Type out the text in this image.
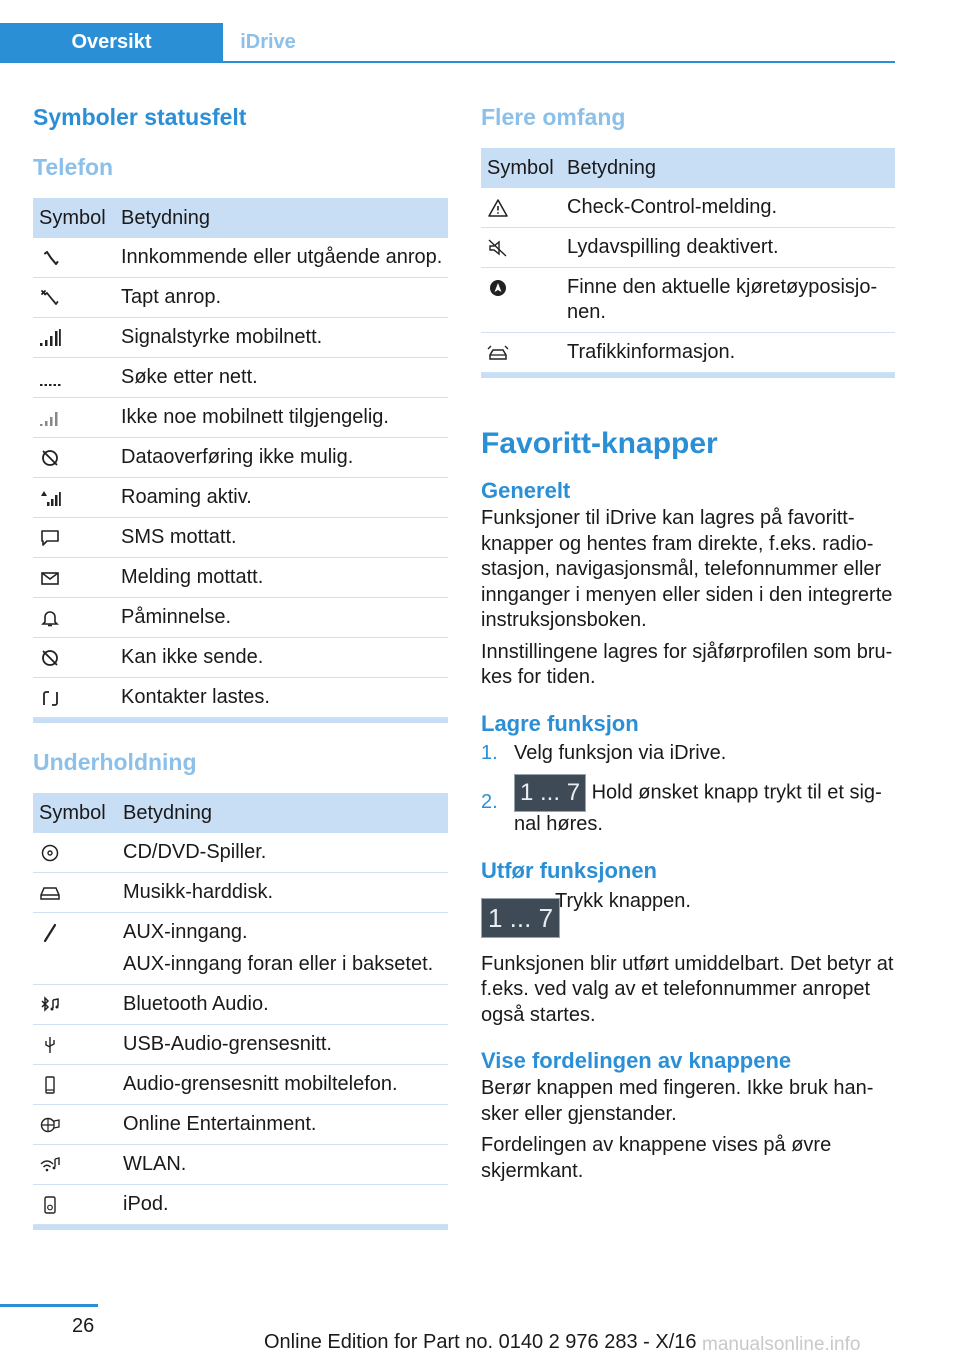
Oversikt	iDrive
Symboler statusfelt
Telefon
Symbol	Betydning

	Innkommende eller utgående anrop.

	Tapt anrop.

	Signalstyrke mobilnett.

	Søke etter nett.

	Ikke noe mobilnett tilgjengelig.

	Dataoverføring ikke mulig.

	Roaming aktiv.

	SMS mottatt.

	Melding mottatt.

	Påminnelse.

	Kan ikke sende.

	Kontakter lastes.
Underholdning
Symbol	Betydning

	CD/DVD-Spiller.

	Musikk-harddisk.

AUX-inngang.
AUX-inngang foran eller i baksetet.

	Bluetooth Audio.

	USB-Audio-grensesnitt.

	Audio-grensesnitt mobiltelefon.

	Online Entertainment.

	WLAN.

	iPod.
Flere omfang
Symbol	Betydning

	Check-Control-melding.

	Lydavspilling deaktivert.

	Finne den aktuelle kjøretøyposisjonen.

	Trafikkinformasjon.
Favoritt-knapper
Generelt

Funksjoner til iDrive kan lagres på favorittknapper og hentes fram direkte, f.eks. radiostasjon, navigasjonsmål, telefonnummer eller innganger i menyen eller siden i den integrerte instruksjonsboken.

Innstillingene lagres for sjåførprofilen som brukes for tiden.

Lagre funksjon
1. Velg funksjon via iDrive.
2. 1 ... 7 Hold ønsket knapp trykt til et signal høres.
Utfør funksjonen
1 ... 7
Trykk knappen.

Funksjonen blir utført umiddelbart. Det betyr at f.eks. ved valg av et telefonnummer anropet også startes.

Vise fordelingen av knappene

Berør knappen med fingeren. Ikke bruk hansker eller gjenstander.

Fordelingen av knappene vises på øvre skjermkant.

26
Online Edition for Part no. 0140 2 976 283 - X/16 manualsonline.info
